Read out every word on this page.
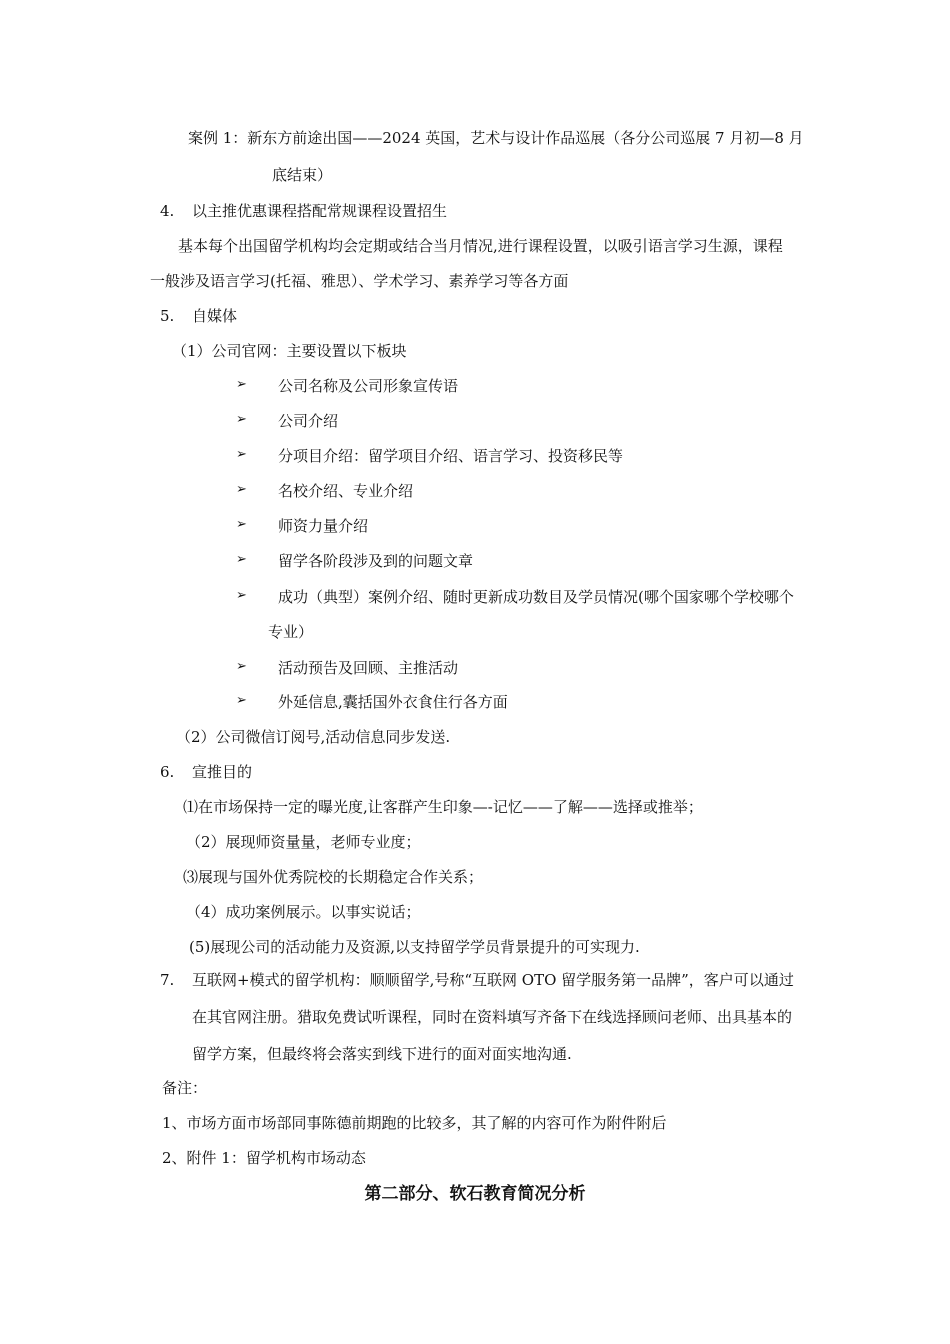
案例 1：新东方前途出国——2024 英国，艺术与设计作品巡展（各分公司巡展 7 月初—8 月
底结束）
4. 以主推优惠课程搭配常规课程设置招生
基本每个出国留学机构均会定期或结合当月情况,进行课程设置，以吸引语言学习生源，课程
一般涉及语言学习(托福、雅思）、学术学习、素养学习等各方面
5. 自媒体
（1）公司官网：主要设置以下板块
➢ 公司名称及公司形象宣传语
➢ 公司介绍
➢ 分项目介绍：留学项目介绍、语言学习、投资移民等
➢ 名校介绍、专业介绍
➢ 师资力量介绍
➢ 留学各阶段涉及到的问题文章
➢ 成功（典型）案例介绍、随时更新成功数目及学员情况(哪个国家哪个学校哪个
➢ 活动预告及回顾、主推活动
➢ 外延信息,囊括国外衣食住行各方面
专业）
（2）公司微信订阅号,活动信息同步发送.
6. 宣推目的
⑴在市场保持一定的曝光度,让客群产生印象—-记忆——了解——选择或推举；
（2）展现师资量量，老师专业度；
⑶展现与国外优秀院校的长期稳定合作关系；
（4）成功案例展示。以事实说话；
(5)展现公司的活动能力及资源,以支持留学学员背景提升的可实现力.
7. 互联网+模式的留学机构：顺顺留学,号称“互联网 OTO 留学服务第一品牌”，客户可以通过
在其官网注册。猎取免费试听课程，同时在资料填写齐备下在线选择顾问老师、出具基本的
留学方案，但最终将会落实到线下进行的面对面实地沟通.
备注：
1、市场方面市场部同事陈德前期跑的比较多，其了解的内容可作为附件附后
2、附件 1：留学机构市场动态
第二部分、软石教育简况分析
